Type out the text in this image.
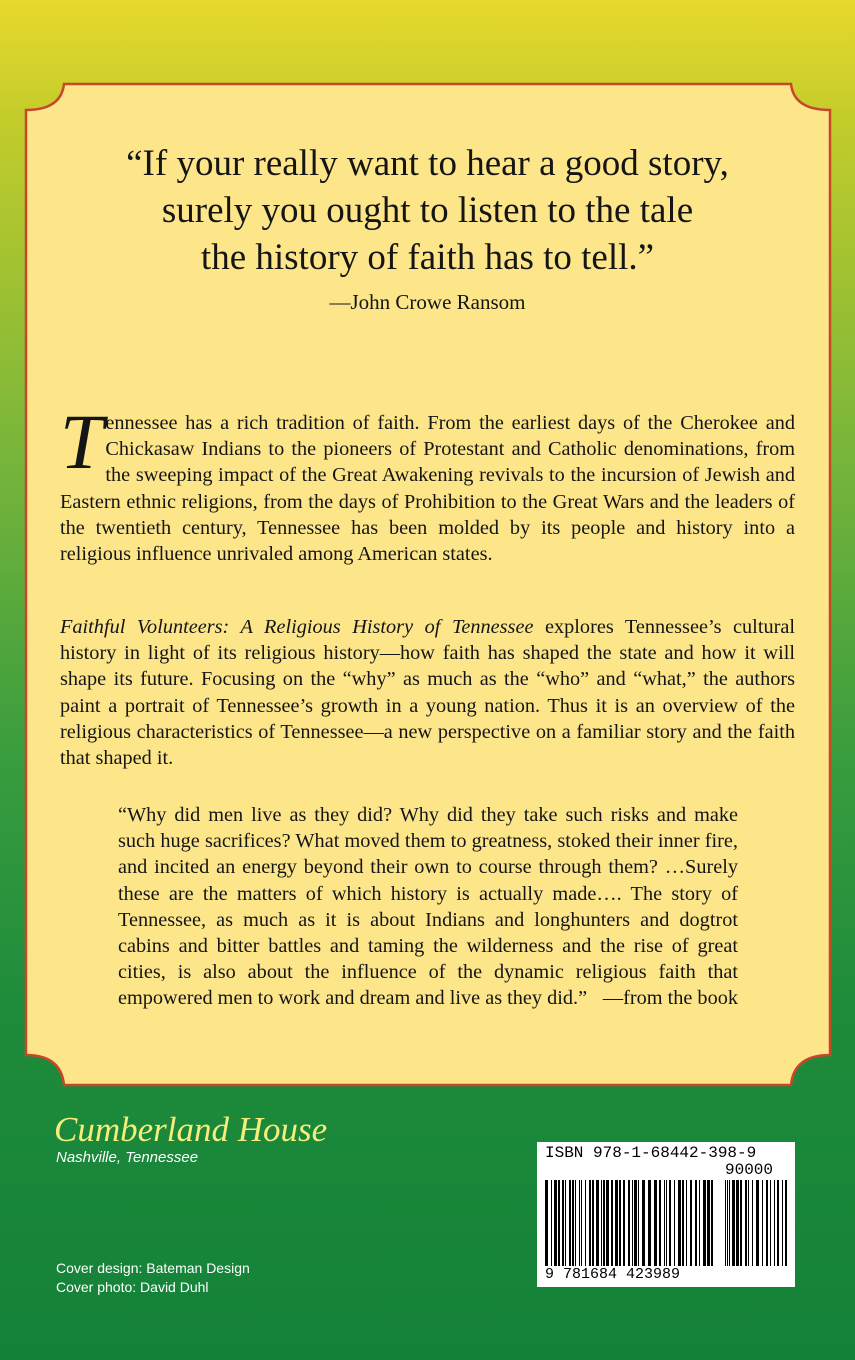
“If your really want to hear a good story,
surely you ought to listen to the tale
the history of faith has to tell.”
—John Crowe Ransom

Tennessee has a rich tradition of faith. From the earliest days of the Cherokee and Chickasaw Indians to the pioneers of Protestant and Catholic denominations, from the sweeping impact of the Great Awakening revivals to the incursion of Jewish and Eastern ethnic religions, from the days of Prohibition to the Great Wars and the leaders of the twentieth century, Tennessee has been molded by its people and history into a religious influence unrivaled among American states.

Faithful Volunteers: A Religious History of Tennessee explores Tennessee’s cultural history in light of its religious history—how faith has shaped the state and how it will shape its future. Focusing on the “why” as much as the “who” and “what,” the authors paint a portrait of Tennessee’s growth in a young nation. Thus it is an overview of the religious characteristics of Tennessee—a new perspective on a familiar story and the faith that shaped it.

“Why did men live as they did? Why did they take such risks and make such huge sacrifices? What moved them to greatness, stoked their inner fire, and incited an energy beyond their own to course through them? …Surely these are the matters of which history is actually made…. The story of Tennessee, as much as it is about Indians and longhunters and dogtrot cabins and bitter battles and taming the wilderness and the rise of great cities, is also about the influence of the dynamic religious faith that empowered men to work and dream and live as they did.” —from the book

Cumberland House
Nashville, Tennessee
Cover design: Bateman Design
Cover photo: David Duhl
ISBN 978-1-68442-398-9
90000
9 781684 423989
